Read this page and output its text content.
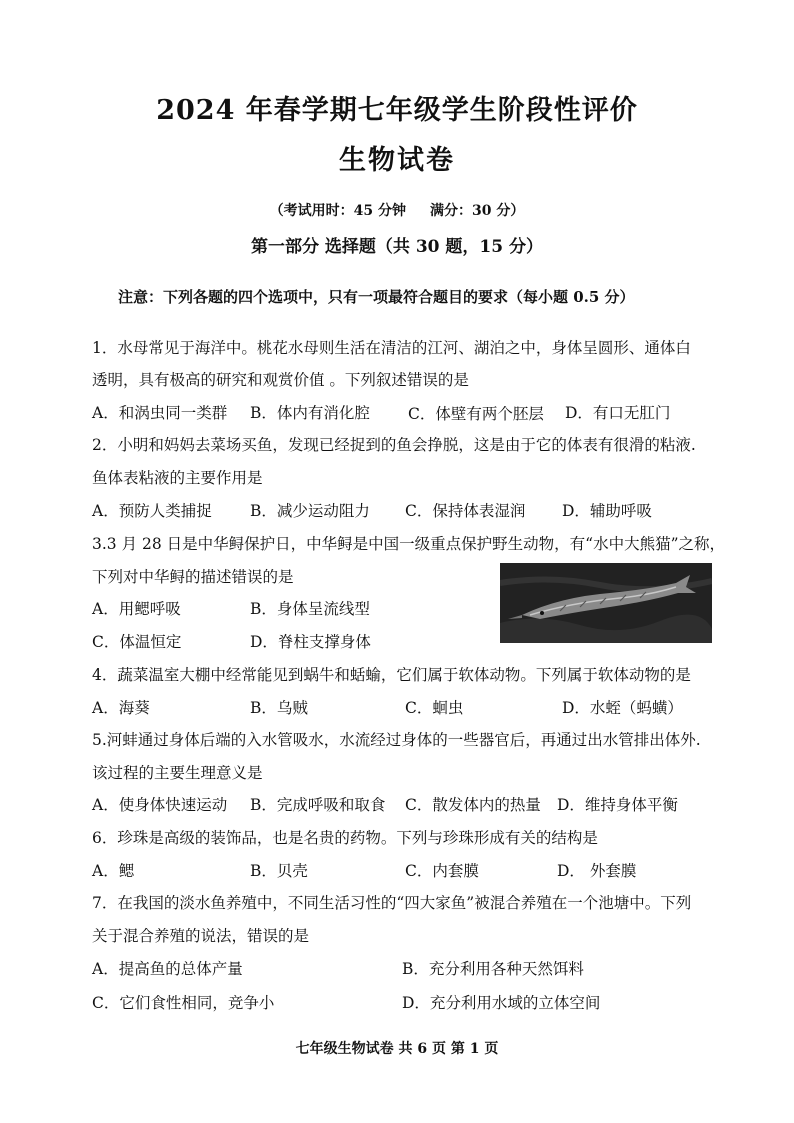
2024 年春学期七年级学生阶段性评价
生物试卷
（考试用时：45 分钟 满分：30 分）
第一部分 选择题（共 30 题，15 分）
注意：下列各题的四个选项中，只有一项最符合题目的要求（每小题 0.5 分）
1．水母常见于海洋中。桃花水母则生活在清洁的江河、湖泊之中，身体呈圆形、通体白
透明，具有极高的研究和观赏价值 。下列叙述错误的是
A．和涡虫同一类群 B．体内有消化腔 C．体壁有两个胚层 D．有口无肛门
2．小明和妈妈去菜场买鱼，发现已经捉到的鱼会挣脱，这是由于它的体表有很滑的粘液.
鱼体表粘液的主要作用是
A．预防人类捕捉 B．减少运动阻力 C．保持体表湿润 D．辅助呼吸
3.3 月 28 日是中华鲟保护日，中华鲟是中国一级重点保护野生动物，有“水中大熊猫”之称，
下列对中华鲟的描述错误的是
A．用鳃呼吸	B．身体呈流线型
C．体温恒定	D．脊柱支撑身体
4．蔬菜温室大棚中经常能见到蜗牛和蛞蝓，它们属于软体动物。下列属于软体动物的是
A．海葵	B．乌贼	C．蛔虫	D．水蛭（蚂蟥）
5.河蚌通过身体后端的入水管吸水，水流经过身体的一些器官后，再通过出水管排出体外.
该过程的主要生理意义是
A．使身体快速运动 B．完成呼吸和取食 C．散发体内的热量 D．维持身体平衡
6．珍珠是高级的装饰品，也是名贵的药物。下列与珍珠形成有关的结构是
A．鳃	B．贝壳	C．内套膜	D． 外套膜
7．在我国的淡水鱼养殖中，不同生活习性的“四大家鱼”被混合养殖在一个池塘中。下列
关于混合养殖的说法，错误的是
A．提高鱼的总体产量	B．充分利用各种天然饵料
C．它们食性相同，竞争小	D．充分利用水域的立体空间
七年级生物试卷 共 6 页 第 1 页
